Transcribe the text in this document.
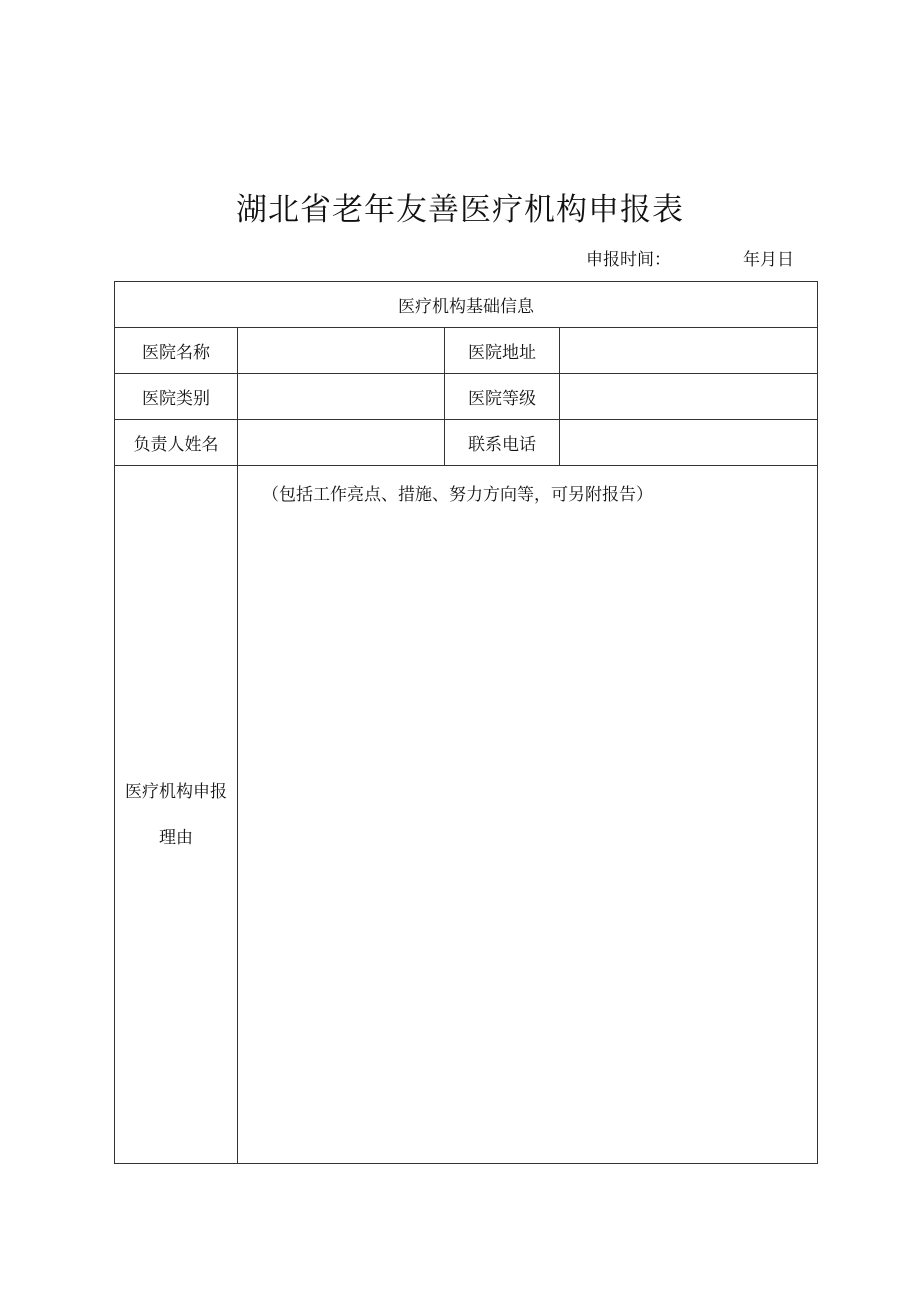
湖北省老年友善医疗机构申报表
申报时间：	年月日
医疗机构基础信息			
医院名称		医院地址	
医院类别		医院等级	
负责人姓名		联系电话	

医疗机构申报
理由	（包括工作亮点、措施、努力方向等，可另附报告）		
